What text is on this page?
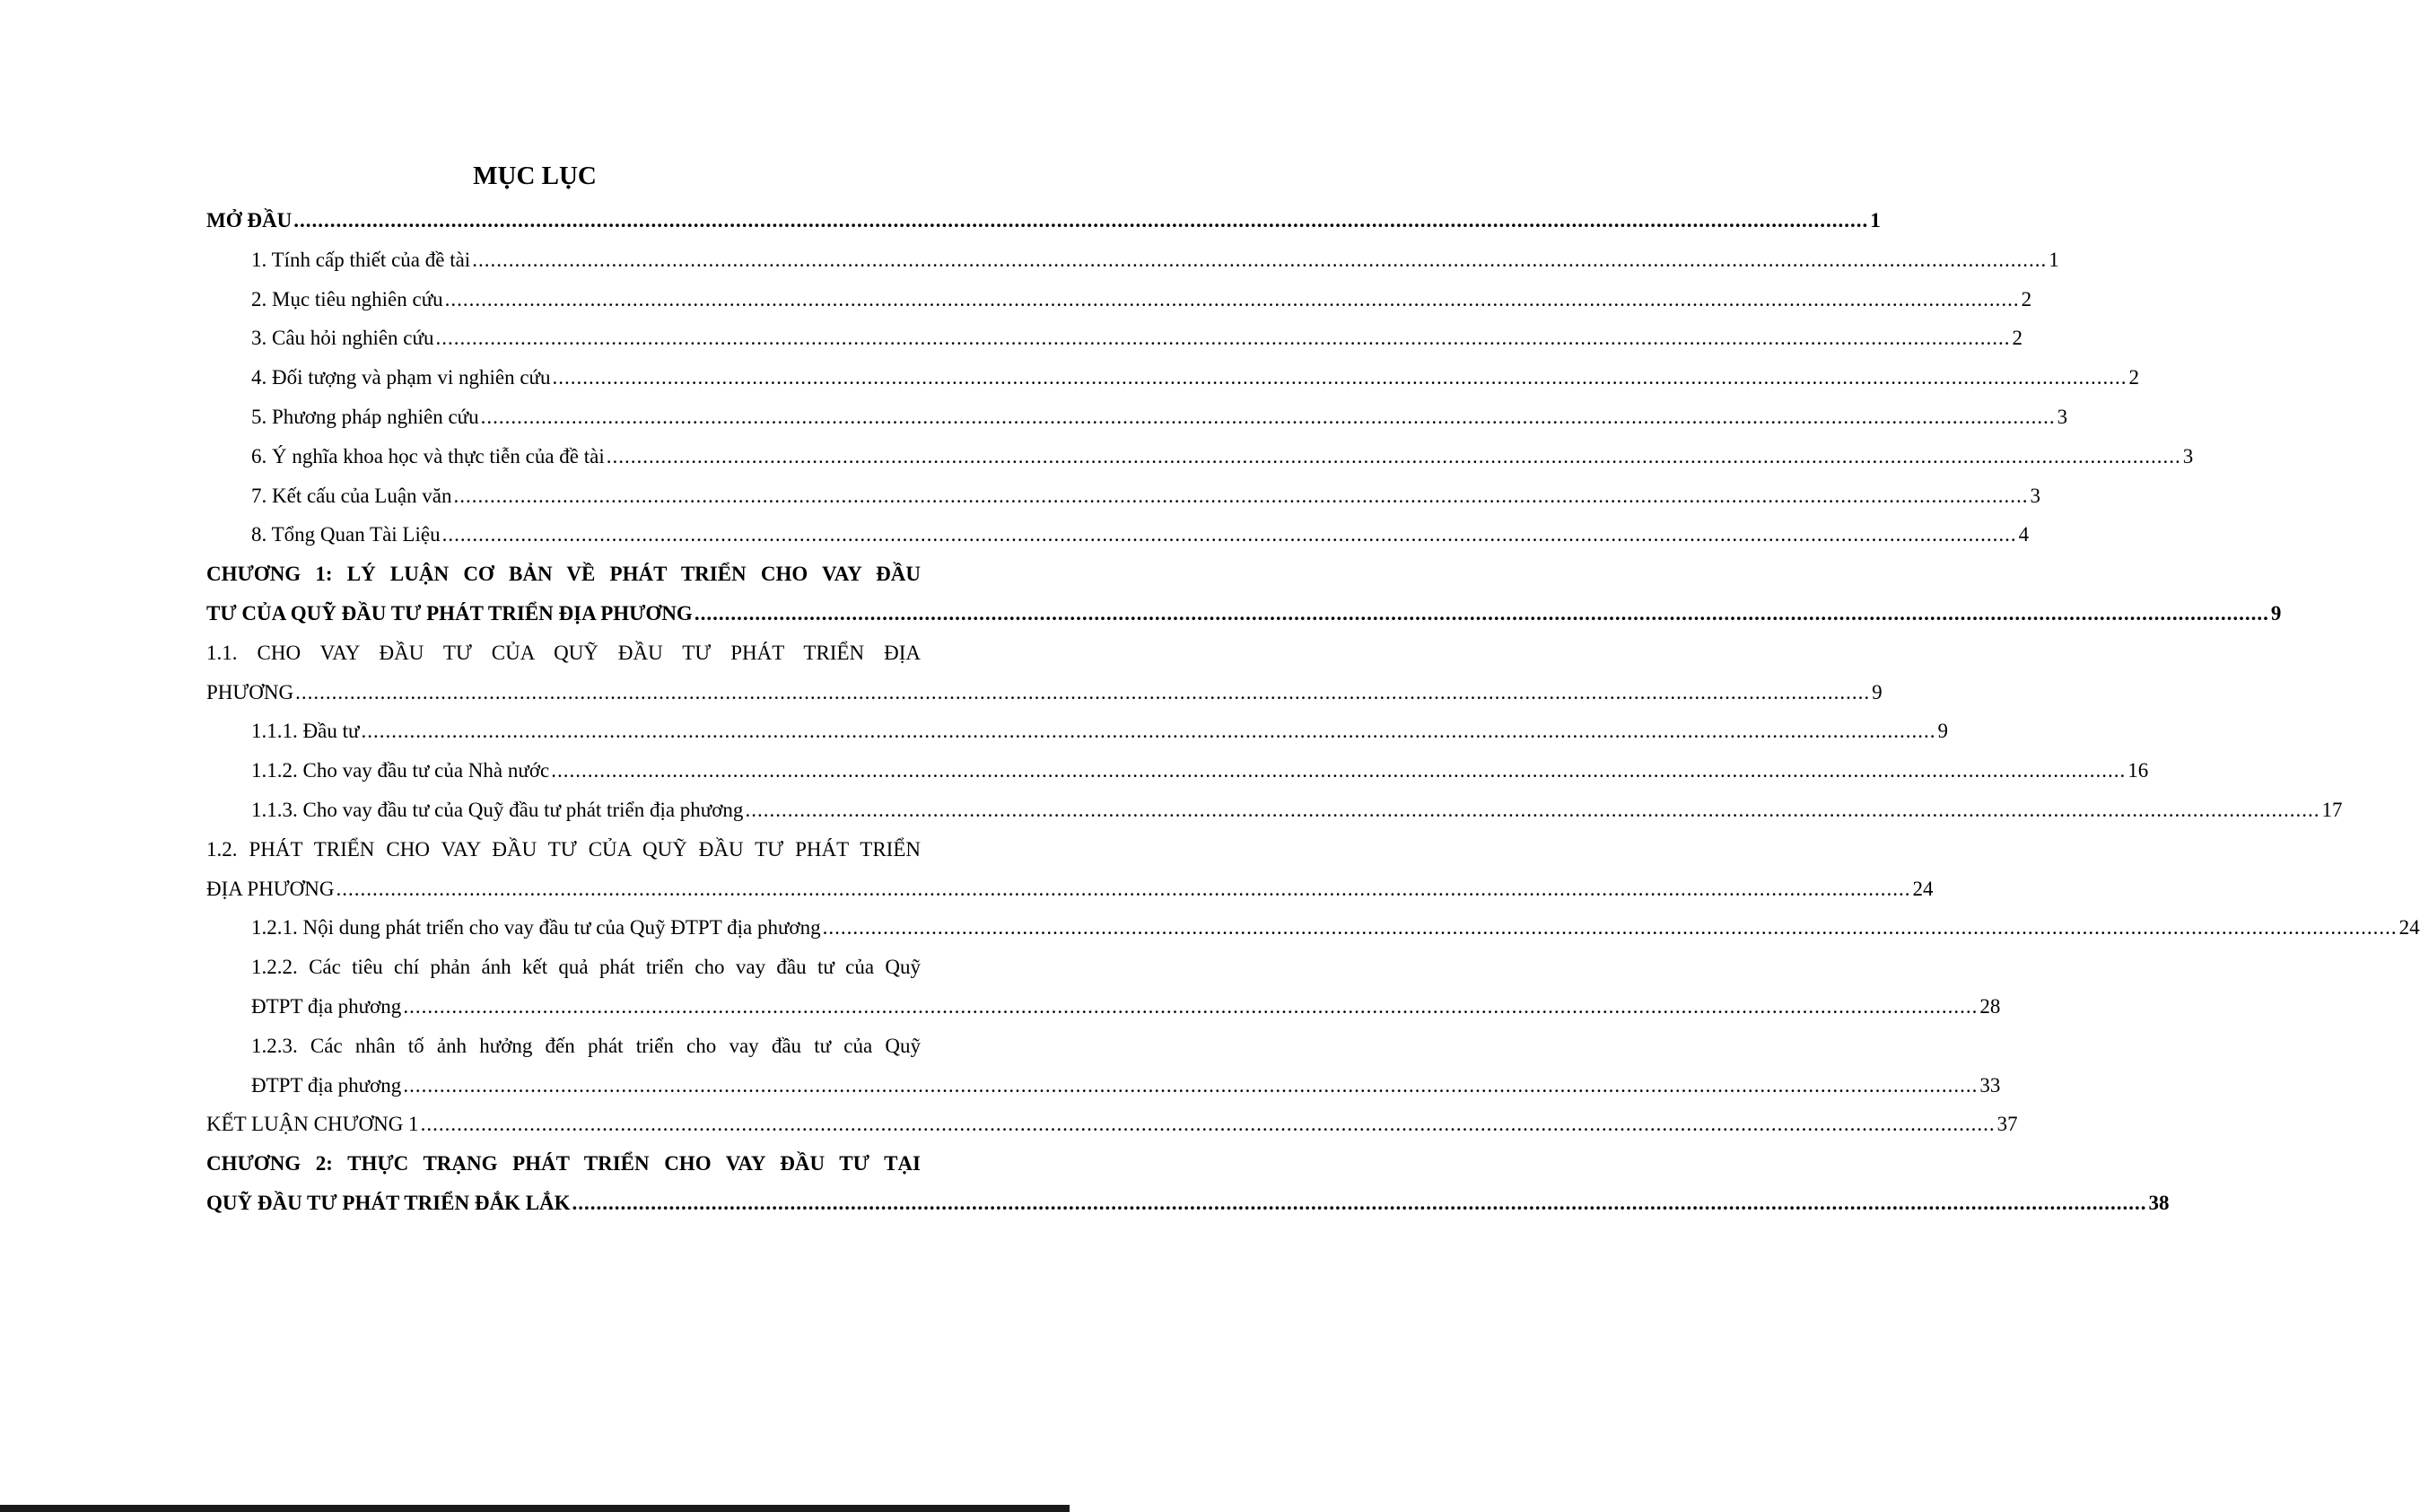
MỤC LỤC
MỞ ĐẦU .................................................................................................................................................................................................................................................................... 1
1. Tính cấp thiết của đề tài .................................................................................................................................................................................................................................................................... 1
2. Mục tiêu nghiên cứu .................................................................................................................................................................................................................................................................... 2
3. Câu hỏi nghiên cứu .................................................................................................................................................................................................................................................................... 2
4. Đối tượng và phạm vi nghiên cứu .................................................................................................................................................................................................................................................................... 2
5. Phương pháp nghiên cứu .................................................................................................................................................................................................................................................................... 3
6. Ý nghĩa khoa học và thực tiễn của đề tài .................................................................................................................................................................................................................................................................... 3
7. Kết cấu của Luận văn .................................................................................................................................................................................................................................................................... 3
8. Tổng Quan Tài Liệu .................................................................................................................................................................................................................................................................... 4
CHƯƠNG 1: LÝ LUẬN CƠ BẢN VỀ PHÁT TRIỂN CHO VAY ĐẦU
TƯ CỦA QUỸ ĐẦU TƯ PHÁT TRIỂN ĐỊA PHƯƠNG .................................................................................................................................................................................................................................................................... 9
1.1. CHO VAY ĐẦU TƯ CỦA QUỸ ĐẦU TƯ PHÁT TRIỂN ĐỊA
PHƯƠNG .................................................................................................................................................................................................................................................................... 9
1.1.1. Đầu tư .................................................................................................................................................................................................................................................................... 9
1.1.2. Cho vay đầu tư của Nhà nước .................................................................................................................................................................................................................................................................... 16
1.1.3. Cho vay đầu tư của Quỹ đầu tư phát triển địa phương .................................................................................................................................................................................................................................................................... 17
1.2. PHÁT TRIỂN CHO VAY ĐẦU TƯ CỦA QUỸ ĐẦU TƯ PHÁT TRIỂN
ĐỊA PHƯƠNG .................................................................................................................................................................................................................................................................... 24
1.2.1. Nội dung phát triển cho vay đầu tư của Quỹ ĐTPT địa phương .................................................................................................................................................................................................................................................................... 24
1.2.2. Các tiêu chí phản ánh kết quả phát triển cho vay đầu tư của Quỹ
ĐTPT địa phương .................................................................................................................................................................................................................................................................... 28
1.2.3. Các nhân tố ảnh hưởng đến phát triển cho vay đầu tư của Quỹ
ĐTPT địa phương .................................................................................................................................................................................................................................................................... 33
KẾT LUẬN CHƯƠNG 1 .................................................................................................................................................................................................................................................................... 37
CHƯƠNG 2: THỰC TRẠNG PHÁT TRIỂN CHO VAY ĐẦU TƯ TẠI
QUỸ ĐẦU TƯ PHÁT TRIỂN ĐẮK LẮK .................................................................................................................................................................................................................................................................... 38
